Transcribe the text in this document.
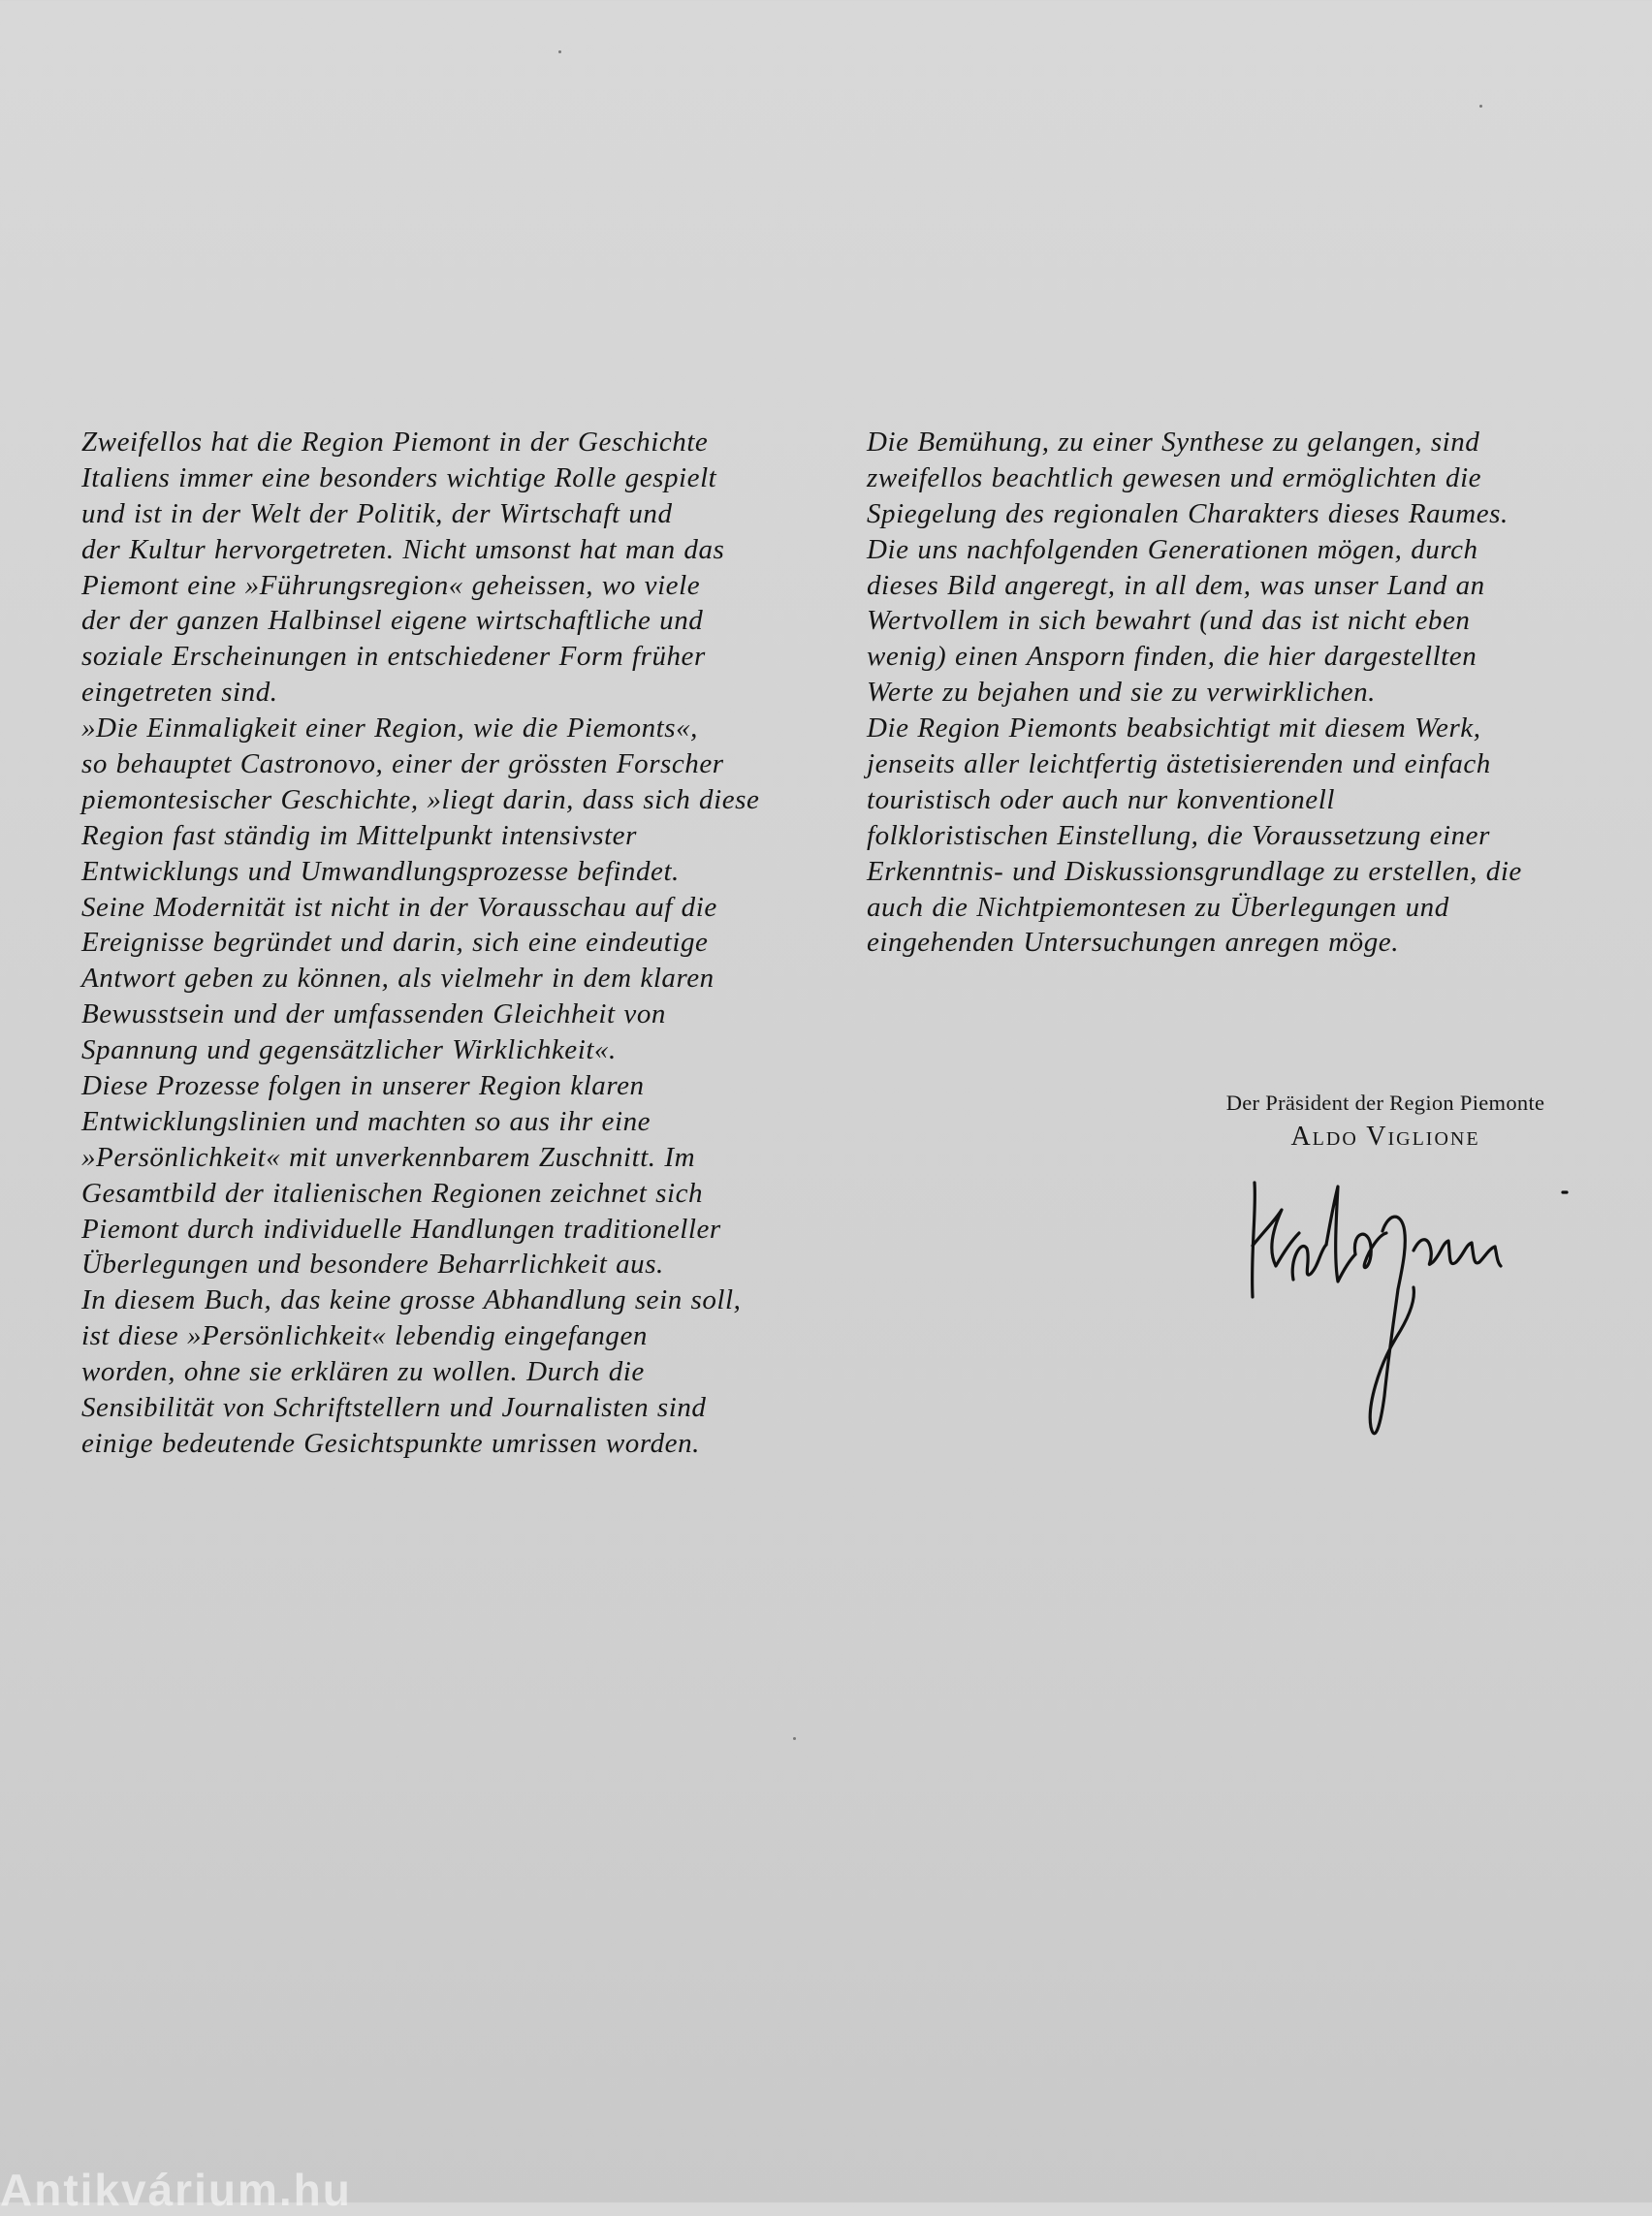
Zweifellos hat die Region Piemont in der Geschichte
Italiens immer eine besonders wichtige Rolle gespielt
und ist in der Welt der Politik, der Wirtschaft und
der Kultur hervorgetreten. Nicht umsonst hat man das
Piemont eine »Führungsregion« geheissen, wo viele
der der ganzen Halbinsel eigene wirtschaftliche und
soziale Erscheinungen in entschiedener Form früher
eingetreten sind.
»Die Einmaligkeit einer Region, wie die Piemonts«,
so behauptet Castronovo, einer der grössten Forscher
piemontesischer Geschichte, »liegt darin, dass sich diese
Region fast ständig im Mittelpunkt intensivster
Entwicklungs und Umwandlungsprozesse befindet.
Seine Modernität ist nicht in der Vorausschau auf die
Ereignisse begründet und darin, sich eine eindeutige
Antwort geben zu können, als vielmehr in dem klaren
Bewusstsein und der umfassenden Gleichheit von
Spannung und gegensätzlicher Wirklichkeit«.
Diese Prozesse folgen in unserer Region klaren
Entwicklungslinien und machten so aus ihr eine
»Persönlichkeit« mit unverkennbarem Zuschnitt. Im
Gesamtbild der italienischen Regionen zeichnet sich
Piemont durch individuelle Handlungen traditioneller
Überlegungen und besondere Beharrlichkeit aus.
In diesem Buch, das keine grosse Abhandlung sein soll,
ist diese »Persönlichkeit« lebendig eingefangen
worden, ohne sie erklären zu wollen. Durch die
Sensibilität von Schriftstellern und Journalisten sind
einige bedeutende Gesichtspunkte umrissen worden.
Die Bemühung, zu einer Synthese zu gelangen, sind
zweifellos beachtlich gewesen und ermöglichten die
Spiegelung des regionalen Charakters dieses Raumes.
Die uns nachfolgenden Generationen mögen, durch
dieses Bild angeregt, in all dem, was unser Land an
Wertvollem in sich bewahrt (und das ist nicht eben
wenig) einen Ansporn finden, die hier dargestellten
Werte zu bejahen und sie zu verwirklichen.
Die Region Piemonts beabsichtigt mit diesem Werk,
jenseits aller leichtfertig ästetisierenden und einfach
touristisch oder auch nur konventionell
folkloristischen Einstellung, die Voraussetzung einer
Erkenntnis- und Diskussionsgrundlage zu erstellen, die
auch die Nichtpiemontesen zu Überlegungen und
eingehenden Untersuchungen anregen möge.
Der Präsident der Region Piemonte
Aldo Viglione
Antikvárium.hu
